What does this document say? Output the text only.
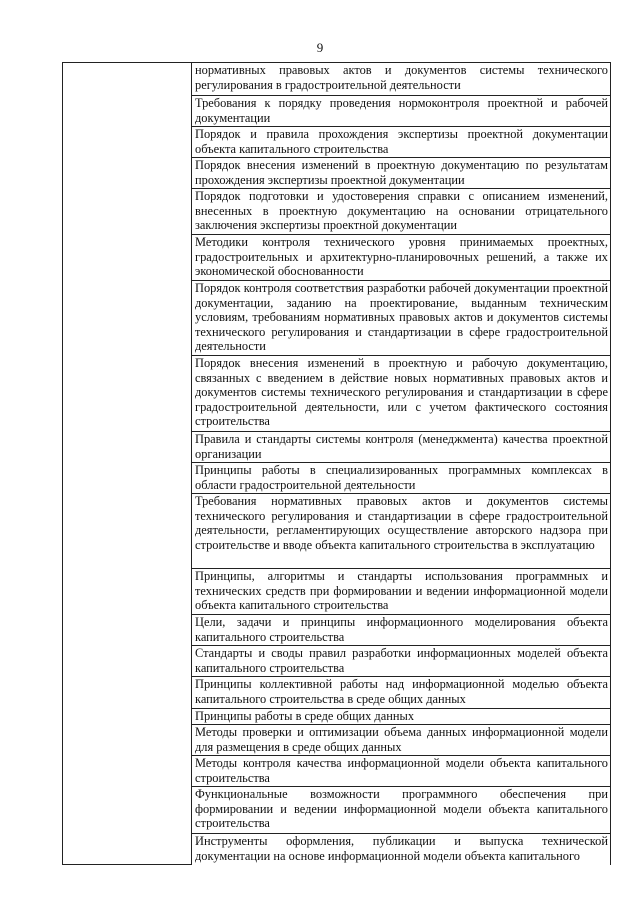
9
	нормативных правовых актов и документов системы технического регулирования в градостроительной деятельности
Требования к порядку проведения нормоконтроля проектной и рабочей документации
Порядок и правила прохождения экспертизы проектной документации объекта капитального строительства
Порядок внесения изменений в проектную документацию по результатам прохождения экспертизы проектной документации
Порядок подготовки и удостоверения справки с описанием изменений, внесенных в проектную документацию на основании отрицательного заключения экспертизы проектной документации
Методики контроля технического уровня принимаемых проектных, градостроительных и архитектурно-планировочных решений, а также их экономической обоснованности
Порядок контроля соответствия разработки рабочей документации проектной документации, заданию на проектирование, выданным техническим условиям, требованиям нормативных правовых актов и документов системы технического регулирования и стандартизации в сфере градостроительной деятельности
Порядок внесения изменений в проектную и рабочую документацию, связанных с введением в действие новых нормативных правовых актов и документов системы технического регулирования и стандартизации в сфере градостроительной деятельности, или с учетом фактического состояния строительства
Правила и стандарты системы контроля (менеджмента) качества проектной организации
Принципы работы в специализированных программных комплексах в области градостроительной деятельности
Требования нормативных правовых актов и документов системы технического регулирования и стандартизации в сфере градостроительной деятельности, регламентирующих осуществление авторского надзора при строительстве и вводе объекта капитального строительства в эксплуатацию
Принципы, алгоритмы и стандарты использования программных и технических средств при формировании и ведении информационной модели объекта капитального строительства
Цели, задачи и принципы информационного моделирования объекта капитального строительства
Стандарты и своды правил разработки информационных моделей объекта капитального строительства
Принципы коллективной работы над информационной моделью объекта капитального строительства в среде общих данных
Принципы работы в среде общих данных
Методы проверки и оптимизации объема данных информационной модели для размещения в среде общих данных
Методы контроля качества информационной модели объекта капитального строительства
Функциональные возможности программного обеспечения при формировании и ведении информационной модели объекта капитального строительства
Инструменты оформления, публикации и выпуска технической документации на основе информационной модели объекта капитального
